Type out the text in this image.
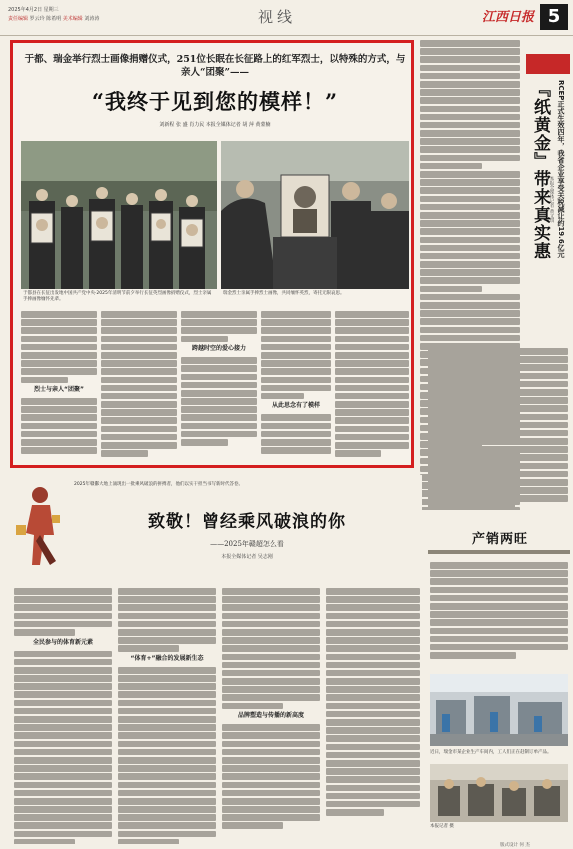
2025年4月2日 星期三
责任编辑 罗云玲 陈希明 美术编辑 刘涛涛	视线	江西日报 5
于都、瑞金举行烈士画像捐赠仪式，251位长眠在长征路上的红军烈士，以特殊的方式，与亲人“团聚”——
“我终于见到您的模样！”
刘新程 张 盛 肖力民 本报全媒体记者 胡 萍 黄蒙楠
于都县在长征出发地中国共产党中央·2025年清明节前夕举行长征英烈画像捐赠仪式，烈士亲属手捧画像缅怀先辈。
瑞金烈士亲属手捧烈士画像，共同缅怀英烈，寄托无限哀思。
烈士与亲人“团聚”
跨越时空的爱心接力
从此思念有了模样
RCEP正式生效四年，我省企业享受关税减让约19.6亿元
『纸黄金』带来真实惠 本报全媒体记者 黄文琪
2025年赣鄱大地上涌现出一批乘风破浪的拼搏者，他们以实干担当书写新时代答卷。
致敬！曾经乘风破浪的你
——2025年赣超怎么看
本报全媒体记者 吴志刚
全民参与的体育新元素
“体育+”融合的发展新生态
品牌塑造与传播的新高度
产销两旺
近日，瑞金市某企业生产车间内，工人们正在赶制订单产品。
本报记者 摄
版式设计 何 杰
